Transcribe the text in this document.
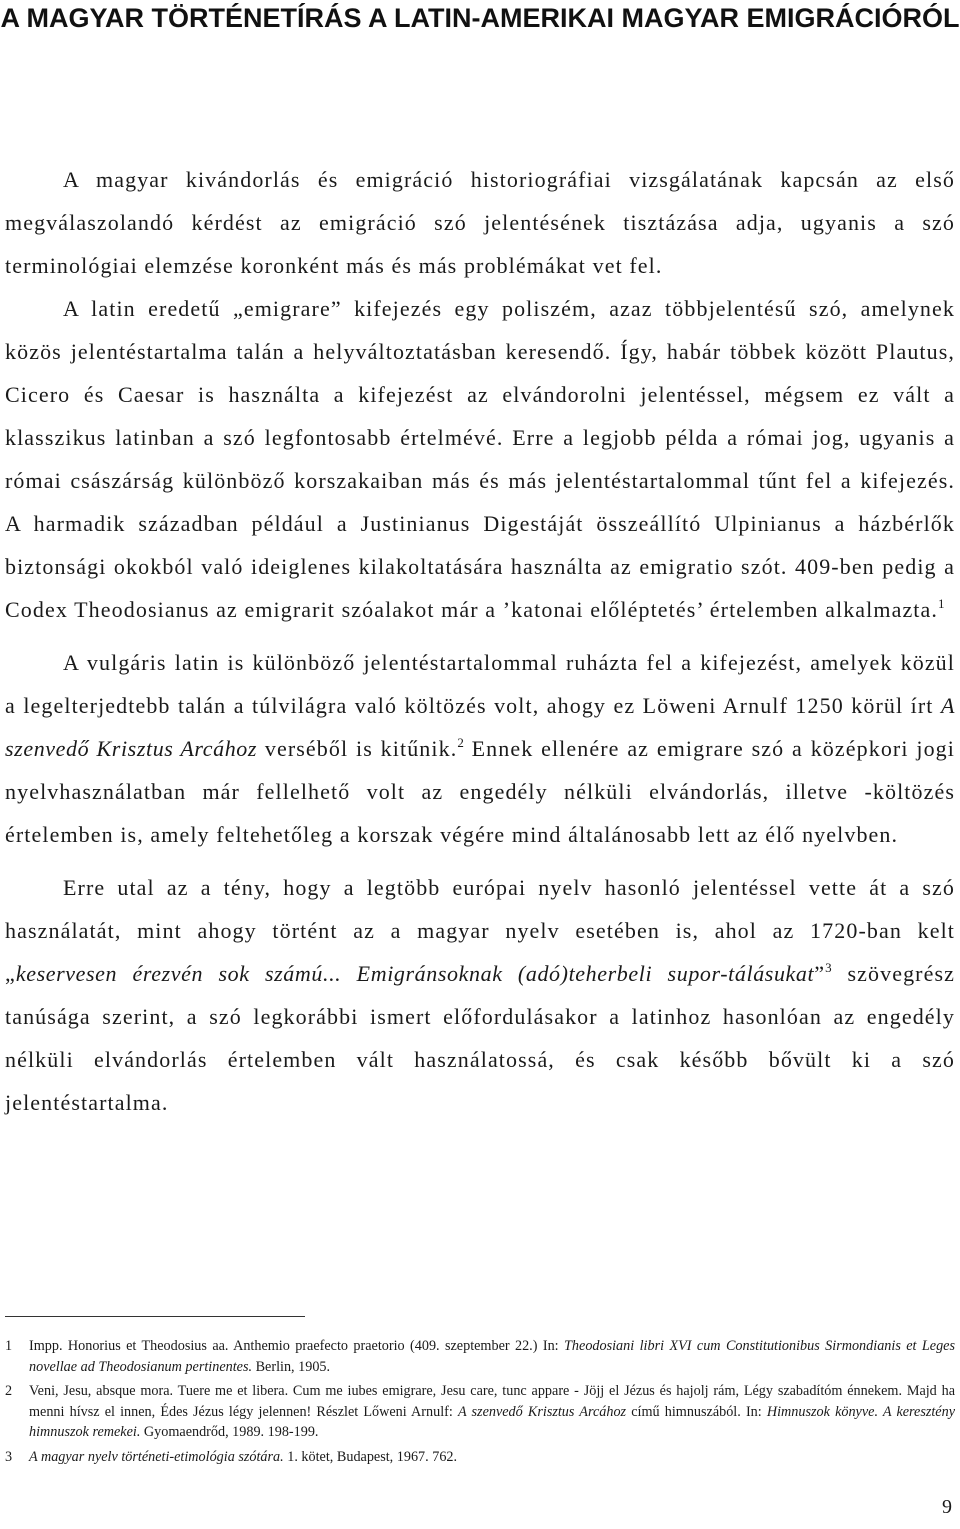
A MAGYAR TÖRTÉNETÍRÁS A LATIN-AMERIKAI MAGYAR EMIGRÁCIÓRÓL

A magyar kivándorlás és emigráció historiográfiai vizsgálatának kapcsán az első megválaszolandó kérdést az emigráció szó jelentésének tisztázása adja, ugyanis a szó terminológiai elemzése koronként más és más problémákat vet fel.

A latin eredetű „emigrare” kifejezés egy poliszém, azaz többjelentésű szó, amelynek közös jelentéstartalma talán a helyváltoztatásban keresendő. Így, habár többek között Plautus, Cicero és Caesar is használta a kifejezést az elvándorolni jelentéssel, mégsem ez vált a klasszikus latinban a szó legfontosabb értelmévé. Erre a legjobb példa a római jog, ugyanis a római császárság különböző korszakaiban más és más jelentéstartalommal tűnt fel a kifejezés. A harmadik században például a Justinianus Digestáját összeállító Ulpinianus a házbérlők biztonsági okokból való ideiglenes kilakoltatására használta az emigratio szót. 409-ben pedig a Codex Theodosianus az emigrarit szóalakot már a ’katonai előléptetés’ értelemben alkalmazta.$^1$

A vulgáris latin is különböző jelentéstartalommal ruházta fel a kifejezést, amelyek közül a legelterjedtebb talán a túlvilágra való költözés volt, ahogy ez Löweni Arnulf 1250 körül írt A szenvedő Krisztus Arcához verséből is kitűnik.$^2$ Ennek ellenére az emigrare szó a középkori jogi nyelvhasználatban már fellelhető volt az engedély nélküli elvándorlás, illetve -költözés értelemben is, amely feltehetőleg a korszak végére mind általánosabb lett az élő nyelvben.

Erre utal az a tény, hogy a legtöbb európai nyelv hasonló jelentéssel vette át a szó használatát, mint ahogy történt az a magyar nyelv esetében is, ahol az 1720-ban kelt „keservesen érezvén sok számú... Emigránsoknak (adó)teherbeli supor-tálásukat”$^3$ szövegrész tanúsága szerint, a szó legkorábbi ismert előfordulásakor a latinhoz hasonlóan az engedély nélküli elvándorlás értelemben vált használatossá, és csak később bővült ki a szó jelentéstartalma.

1 Impp. Honorius et Theodosius aa. Anthemio praefecto praetorio (409. szeptember 22.) In: Theodosiani libri XVI cum Constitutionibus Sirmondianis et Leges novellae ad Theodosianum pertinentes. Berlin, 1905.
2 Veni, Jesu, absque mora. Tuere me et libera. Cum me iubes emigrare, Jesu care, tunc appare - Jöjj el Jézus és hajolj rám, Légy szabadítóm énnekem. Majd ha menni hívsz el innen, Édes Jézus légy jelennen! Részlet Lőweni Arnulf: A szenvedő Krisztus Arcához című himnuszából. In: Himnuszok könyve. A keresztény himnuszok remekei. Gyomaendrőd, 1989. 198-199.
3 A magyar nyelv történeti-etimológia szótára. 1. kötet, Budapest, 1967. 762.
9
